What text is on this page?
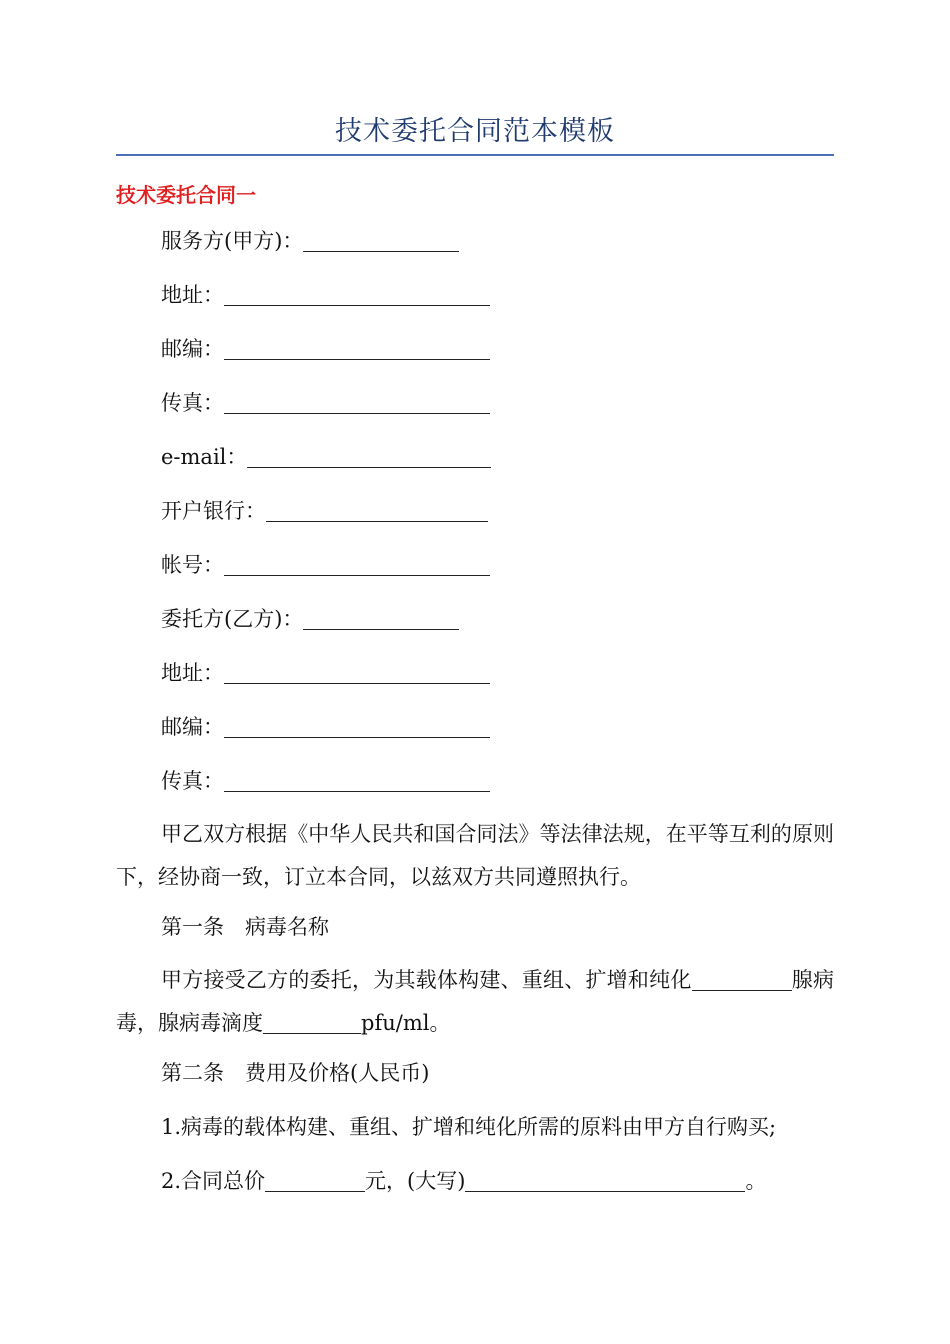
技术委托合同范本模板
技术委托合同一
服务方(甲方)：
地址：
邮编：
传真：
e-mail：
开户银行：
帐号：
委托方(乙方)：
地址：
邮编：
传真：
甲乙双方根据《中华人民共和国合同法》等法律法规，在平等互利的原则下，经协商一致，订立本合同，以兹双方共同遵照执行。
第一条　病毒名称
甲方接受乙方的委托，为其载体构建、重组、扩增和纯化	腺病毒，腺病毒滴度	pfu/ml。
第二条　费用及价格(人民币)
1.病毒的载体构建、重组、扩增和纯化所需的原料由甲方自行购买;
2.合同总价	元，(大写)	。
